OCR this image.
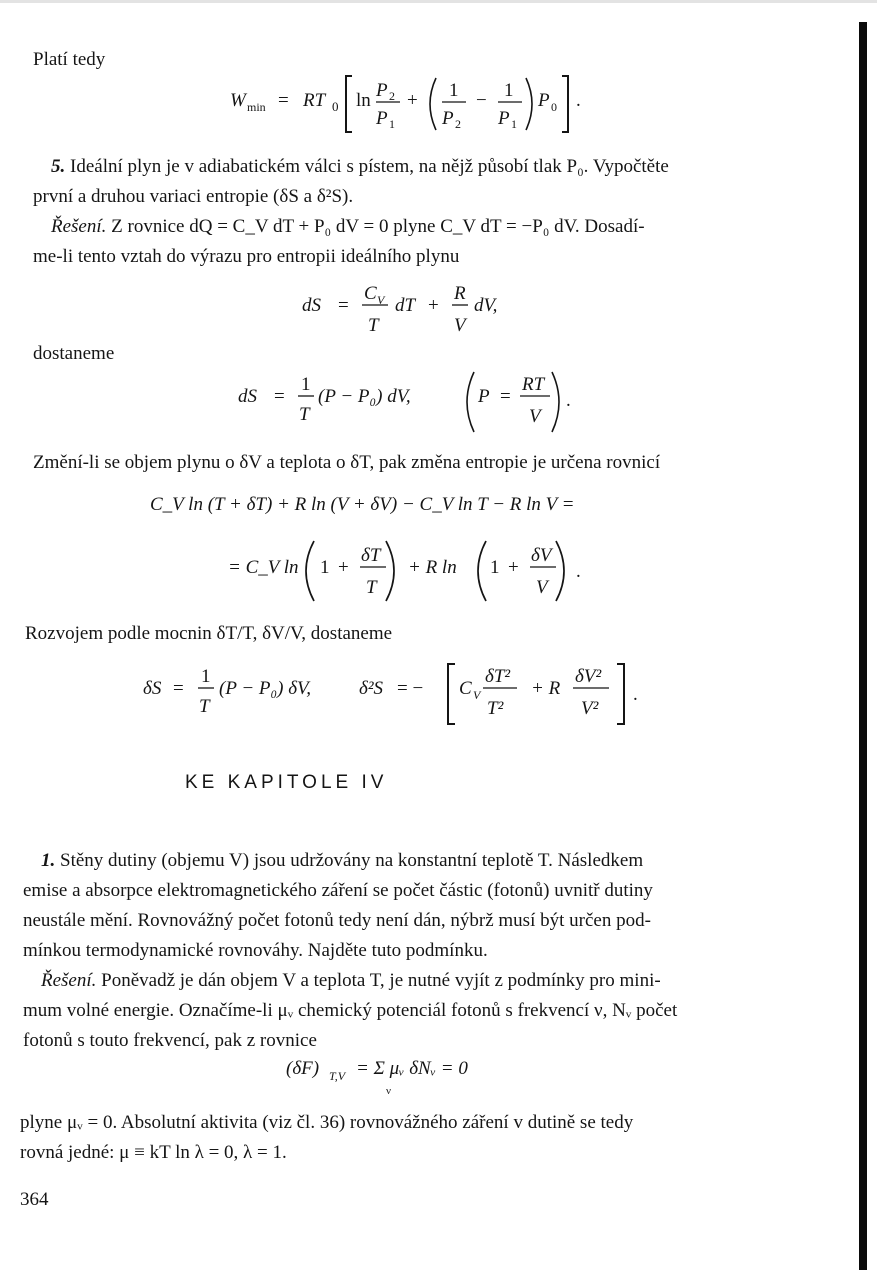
Platí tedy
W min = RT 0 ln P 2
P 1
+ 1
P 2
− 1
P 1
P 0 .
5. Ideální plyn je v adiabatickém válci s pístem, na nějž působí tlak P₀. Vypočtěte
první a druhou variaci entropie (δS a δ²S).
Řešení. Z rovnice dQ = C_V dT + P₀ dV = 0 plyne C_V dT = −P₀ dV. Dosadí-
me-li tento vztah do výrazu pro entropii ideálního plynu
dS =
C V
T
dT +
R
V
dV,
dostaneme
dS =
1
T
(P − P₀) dV,	P =
RT
V
.
Změní-li se objem plynu o δV a teplota o δT, pak změna entropie je určena rovnicí
C_V ln (T + δT) + R ln (V + δV) − C_V ln T − R ln V =
= C_V ln 1 +
δT
T
+ R ln 1 +
δV
V
.
Rozvojem podle mocnin δT/T, δV/V, dostaneme
δS =
1
T
(P − P₀) δV,	δ²S = − C V
δT²
T²
+ R
δV²
V²
.
KE KAPITOLE IV
1. Stěny dutiny (objemu V) jsou udržovány na konstantní teplotě T. Následkem
emise a absorpce elektromagnetického záření se počet částic (fotonů) uvnitř dutiny
neustále mění. Rovnovážný počet fotonů tedy není dán, nýbrž musí být určen pod-
mínkou termodynamické rovnováhy. Najděte tuto podmínku.
Řešení. Poněvadž je dán objem V a teplota T, je nutné vyjít z podmínky pro mini-
mum volné energie. Označíme-li μᵥ chemický potenciál fotonů s frekvencí ν, Nᵥ počet
fotonů s touto frekvencí, pak z rovnice
(δF) T,V = Σ μᵥ δNᵥ = 0
ν
plyne μᵥ = 0. Absolutní aktivita (viz čl. 36) rovnovážného záření v dutině se tedy
rovná jedné: μ ≡ kT ln λ = 0, λ = 1.
364
